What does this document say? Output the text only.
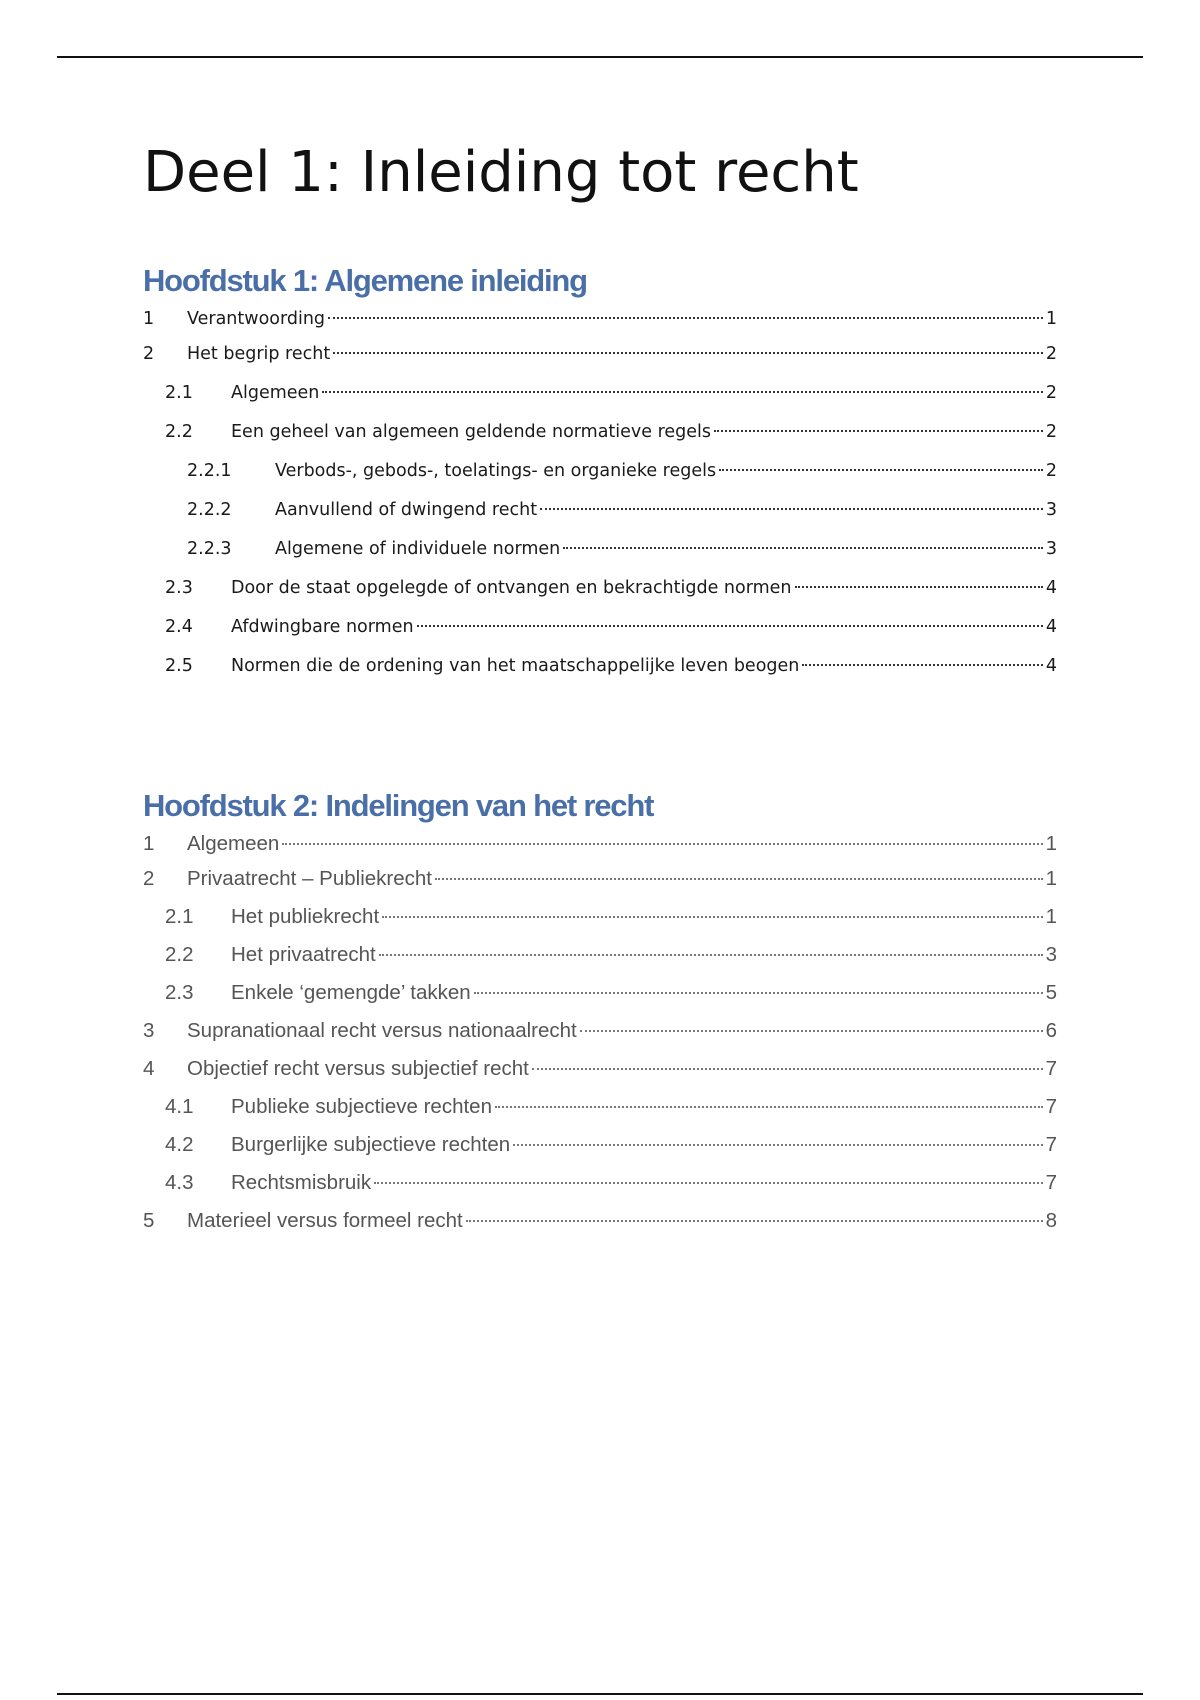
Deel 1: Inleiding tot recht
Hoofdstuk 1: Algemene inleiding
1	Verantwoording	1
2	Het begrip recht	2
2.1	Algemeen	2
2.2	Een geheel van algemeen geldende normatieve regels	2
2.2.1	Verbods-, gebods-, toelatings- en organieke regels	2
2.2.2	Aanvullend of dwingend recht	3
2.2.3	Algemene of individuele normen	3
2.3	Door de staat opgelegde of ontvangen en bekrachtigde normen	4
2.4	Afdwingbare normen	4
2.5	Normen die de ordening van het maatschappelijke leven beogen	4
Hoofdstuk 2: Indelingen van het recht
1	Algemeen	1
2	Privaatrecht – Publiekrecht	1
2.1	Het publiekrecht	1
2.2	Het privaatrecht	3
2.3	Enkele ‘gemengde’ takken	5
3	Supranationaal recht versus nationaalrecht	6
4	Objectief recht versus subjectief recht	7
4.1	Publieke subjectieve rechten	7
4.2	Burgerlijke subjectieve rechten	7
4.3	Rechtsmisbruik	7
5	Materieel versus formeel recht	8
